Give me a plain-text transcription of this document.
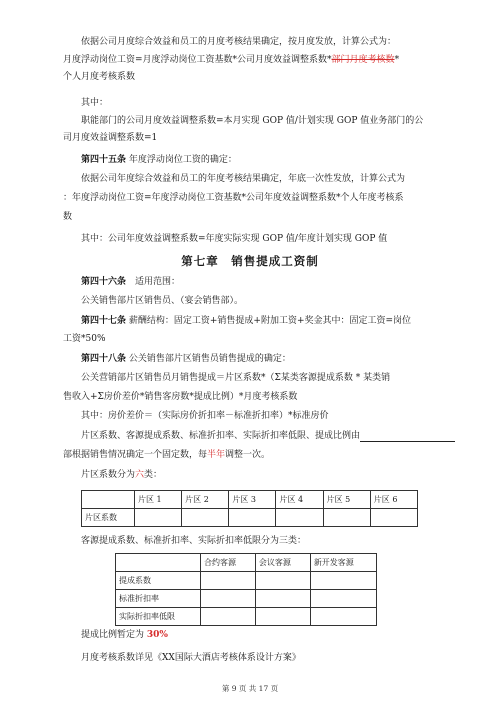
依据公司月度综合效益和员工的月度考核结果确定，按月度发放，计算公式为：
月度浮动岗位工资=月度浮动岗位工资基数*公司月度效益调整系数*部门月度考核数*
个人月度考核系数
其中：
职能部门的公司月度效益调整系数=本月实现 GOP 值/计划实现 GOP 值业务部门的公
司月度效益调整系数=1
第四十五条 年度浮动岗位工资的确定：
依据公司年度综合效益和员工的年度考核结果确定，年底一次性发放，计算公式为
：年度浮动岗位工资=年度浮动岗位工资基数*公司年度效益调整系数*个人年度考核系
数
其中：公司年度效益调整系数=年度实际实现 GOP 值/年度计划实现 GOP 值
第七章　销售提成工资制
第四十六条　适用范围：
公关销售部片区销售员、（宴会销售部）。
第四十七条 薪酬结构：固定工资+销售提成+附加工资+奖金其中：固定工资=岗位
工资*50%
第四十八条 公关销售部片区销售员销售提成的确定：
公关营销部片区销售员月销售提成＝片区系数*（Σ某类客源提成系数 * 某类销
售收入+Σ房价差价*销售客房数*提成比例）*月度考核系数
其中：房价差价＝（实际房价折扣率－标准折扣率）*标准房价
片区系数、客源提成系数、标准折扣率、实际折扣率低限、提成比例由
部根据销售情况确定一个固定数，每半年调整一次。
片区系数分为六类：
	片区 1	片区 2	片区 3	片区 4	片区 5	片区 6
片区系数						
客源提成系数、标准折扣率、实际折扣率低限分为三类：
	合约客源	会议客源	新开发客源
提成系数			
标准折扣率			
实际折扣率低限			
提成比例暂定为 30%
月度考核系数详见《XX国际大酒店考核体系设计方案》
第 9 页 共 17 页
